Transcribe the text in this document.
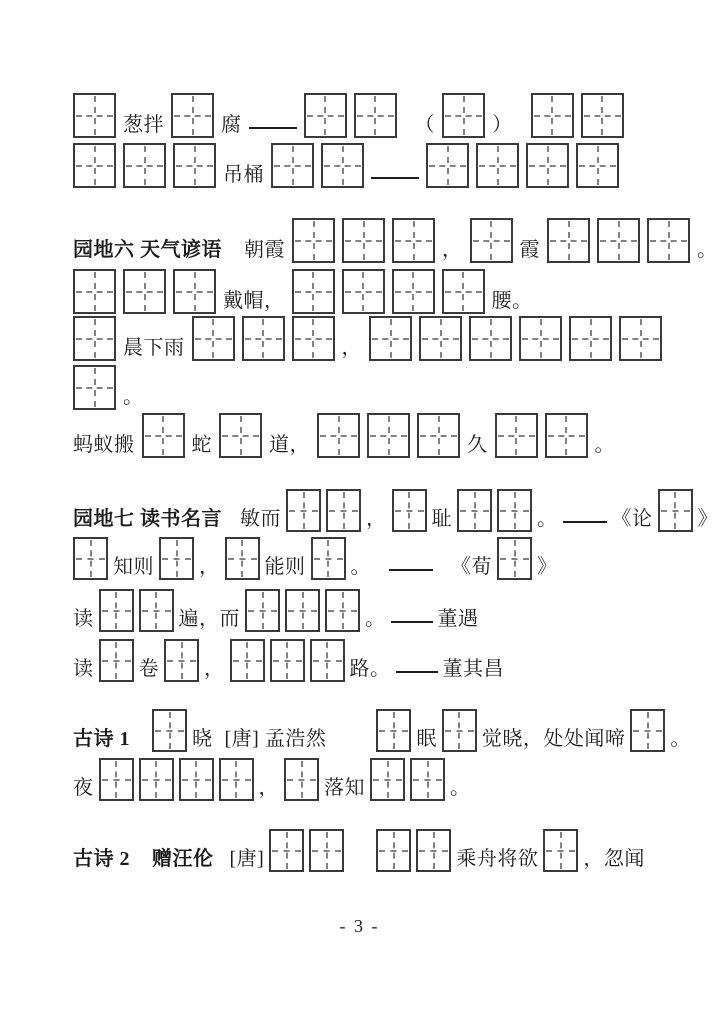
葱拌	腐	（	）
吊桶
园地六 天气谚语 朝霞	，	霞	。
戴帽，	腰。
晨下雨	，
。
蚂蚁搬	蛇	道，	久	。
园地七 读书名言 敏而	， 耻	。	《论 》
知则 ， 能则 。	《荀 》
读	遍，而	。	董遇
读 卷 ，	路。	董其昌
古诗 1	晓 [唐] 孟浩然	眠 觉晓，处处闻啼 。
夜	， 落知	。
古诗 2 赠汪伦 [唐]	乘舟将欲 ，忽闻
- 3 -
